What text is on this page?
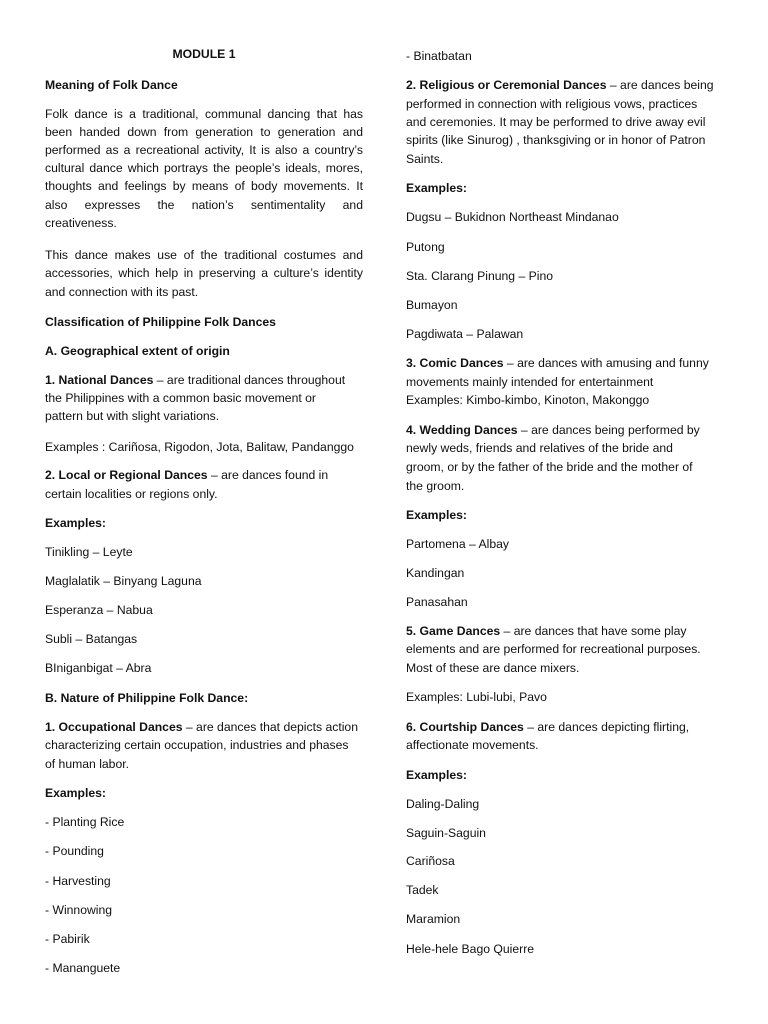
MODULE 1
Meaning of Folk Dance
Folk dance is a traditional, communal dancing that has
been handed down from generation to generation and
performed as a recreational activity, It is also a country’s
cultural dance which portrays the people’s ideals, mores,
thoughts and feelings by means of body movements. It
also expresses the nation’s sentimentality and
creativeness.
This dance makes use of the traditional costumes and
accessories, which help in preserving a culture’s identity
and connection with its past.
Classification of Philippine Folk Dances
A. Geographical extent of origin
1. National Dances – are traditional dances throughout
the Philippines with a common basic movement or
pattern but with slight variations.
Examples : Cariñosa, Rigodon, Jota, Balitaw, Pandanggo
2. Local or Regional Dances – are dances found in
certain localities or regions only.
Examples:
Tinikling – Leyte
Maglalatik – Binyang Laguna
Esperanza – Nabua
Subli – Batangas
BIniganbigat – Abra
B. Nature of Philippine Folk Dance:
1. Occupational Dances – are dances that depicts action
characterizing certain occupation, industries and phases
of human labor.
Examples:
- Planting Rice
- Pounding
- Harvesting
- Winnowing
- Pabirik
- Mananguete
- Binatbatan
2. Religious or Ceremonial Dances – are dances being
performed in connection with religious vows, practices
and ceremonies. It may be performed to drive away evil
spirits (like Sinurog) , thanksgiving or in honor of Patron
Saints.
Examples:
Dugsu – Bukidnon Northeast Mindanao
Putong
Sta. Clarang Pinung – Pino
Bumayon
Pagdiwata – Palawan
3. Comic Dances – are dances with amusing and funny
movements mainly intended for entertainment
Examples: Kimbo-kimbo, Kinoton, Makonggo
4. Wedding Dances – are dances being performed by
newly weds, friends and relatives of the bride and
groom, or by the father of the bride and the mother of
the groom.
Examples:
Partomena – Albay
Kandingan
Panasahan
5. Game Dances – are dances that have some play
elements and are performed for recreational purposes.
Most of these are dance mixers.
Examples: Lubi-lubi, Pavo
6. Courtship Dances – are dances depicting flirting,
affectionate movements.
Examples:
Daling-Daling
Saguin-Saguin
Cariñosa
Tadek
Maramion
Hele-hele Bago Quierre
